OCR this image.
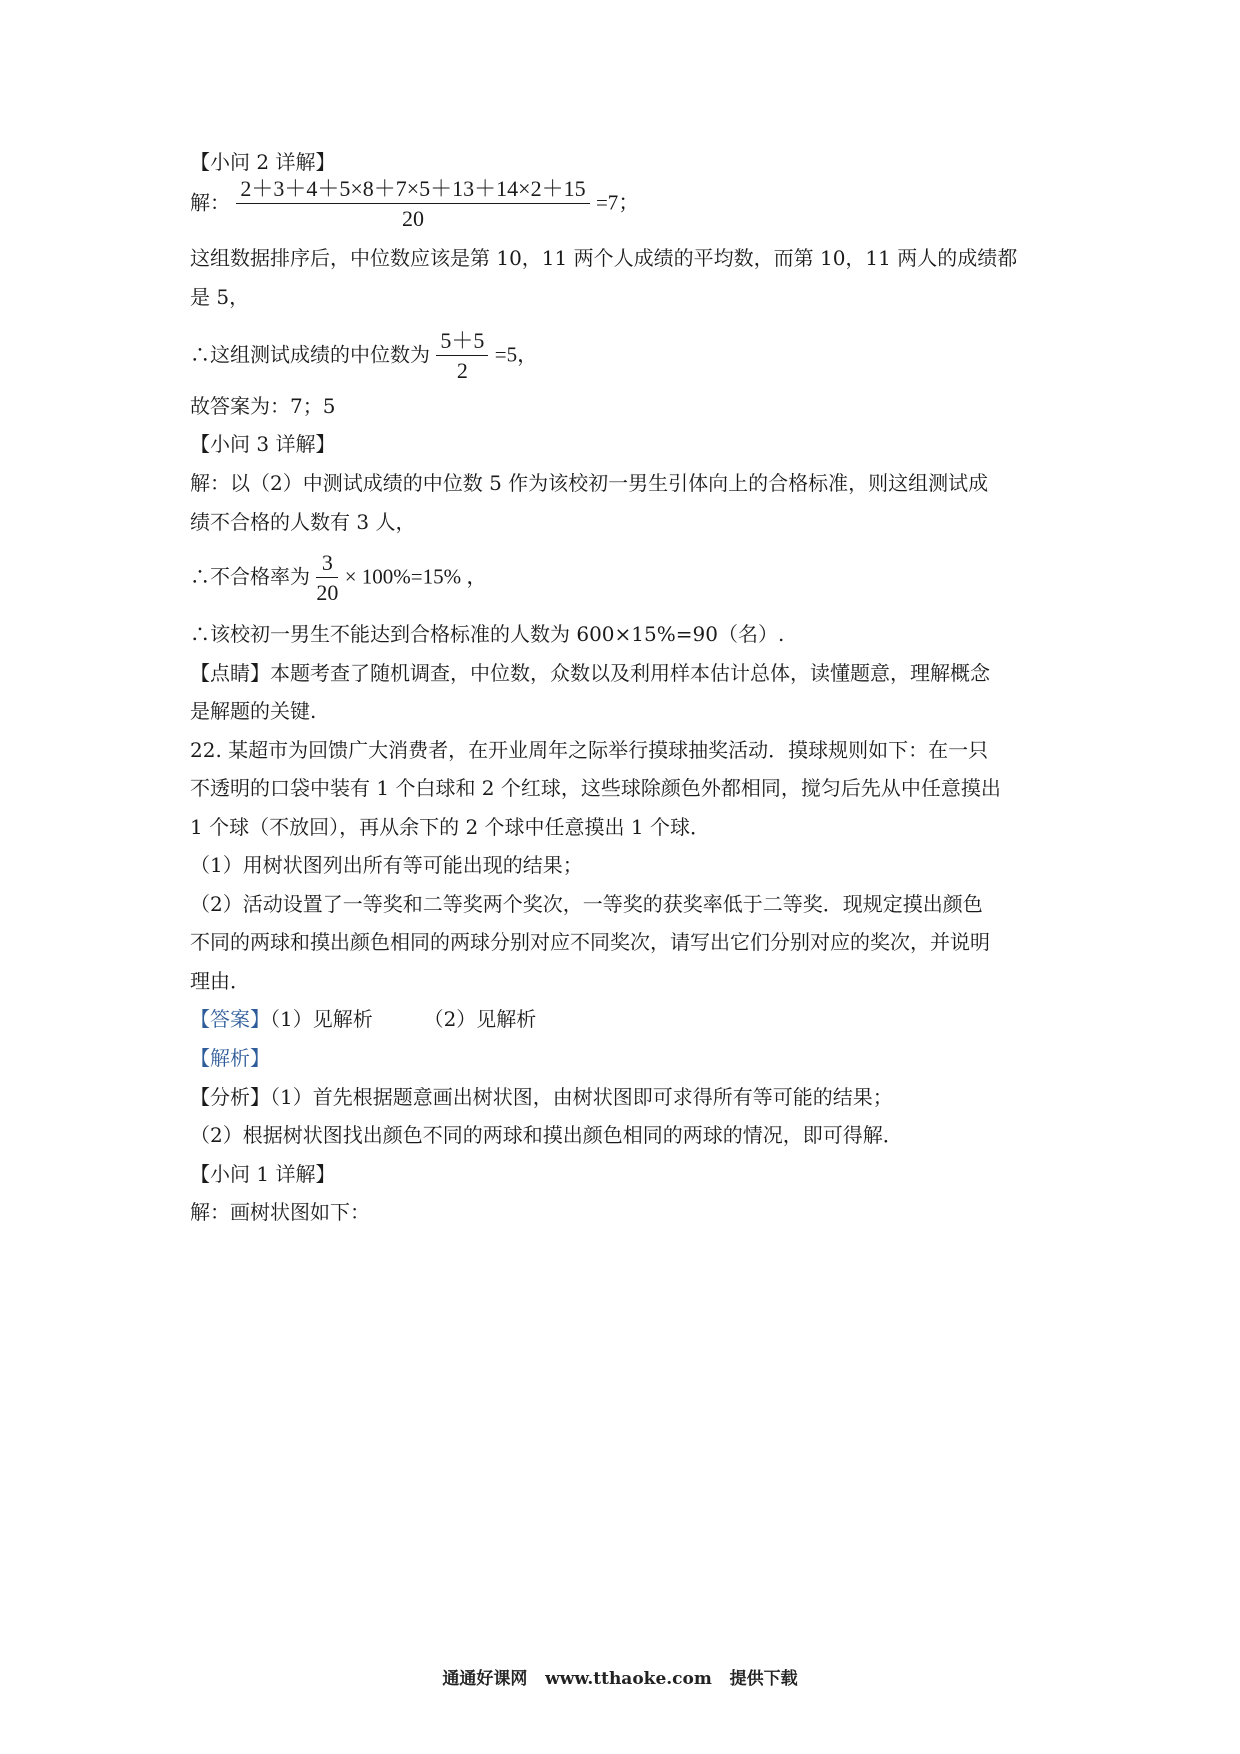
【小问 2 详解】
解： $\frac{2+3+4+5\times 8+7\times 5+13+14\times 2+15}{20} =7$；
这组数据排序后，中位数应该是第 10，11 两个人成绩的平均数，而第 10，11 两人的成绩都
是 5，
∴这组测试成绩的中位数为 $\frac{5+5}{2} =5$，
故答案为：7；5
【小问 3 详解】
解：以（2）中测试成绩的中位数 5 作为该校初一男生引体向上的合格标准，则这组测试成
绩不合格的人数有 3 人，
∴不合格率为 $\frac{3}{20} \times 100\%=15\%$ ，
∴该校初一男生不能达到合格标准的人数为 600×15%=90（名）.
【点睛】本题考查了随机调查，中位数，众数以及利用样本估计总体，读懂题意，理解概念
是解题的关键.
22. 某超市为回馈广大消费者，在开业周年之际举行摸球抽奖活动．摸球规则如下：在一只
不透明的口袋中装有 1 个白球和 2 个红球，这些球除颜色外都相同，搅匀后先从中任意摸出
1 个球（不放回），再从余下的 2 个球中任意摸出 1 个球．
（1）用树状图列出所有等可能出现的结果；
（2）活动设置了一等奖和二等奖两个奖次，一等奖的获奖率低于二等奖．现规定摸出颜色
不同的两球和摸出颜色相同的两球分别对应不同奖次，请写出它们分别对应的奖次，并说明
理由．
【答案】（1）见解析        （2）见解析
【解析】
【分析】（1）首先根据题意画出树状图，由树状图即可求得所有等可能的结果；
（2）根据树状图找出颜色不同的两球和摸出颜色相同的两球的情况，即可得解．
【小问 1 详解】
解：画树状图如下：
通通好课网   www.tthaoke.com   提供下载
